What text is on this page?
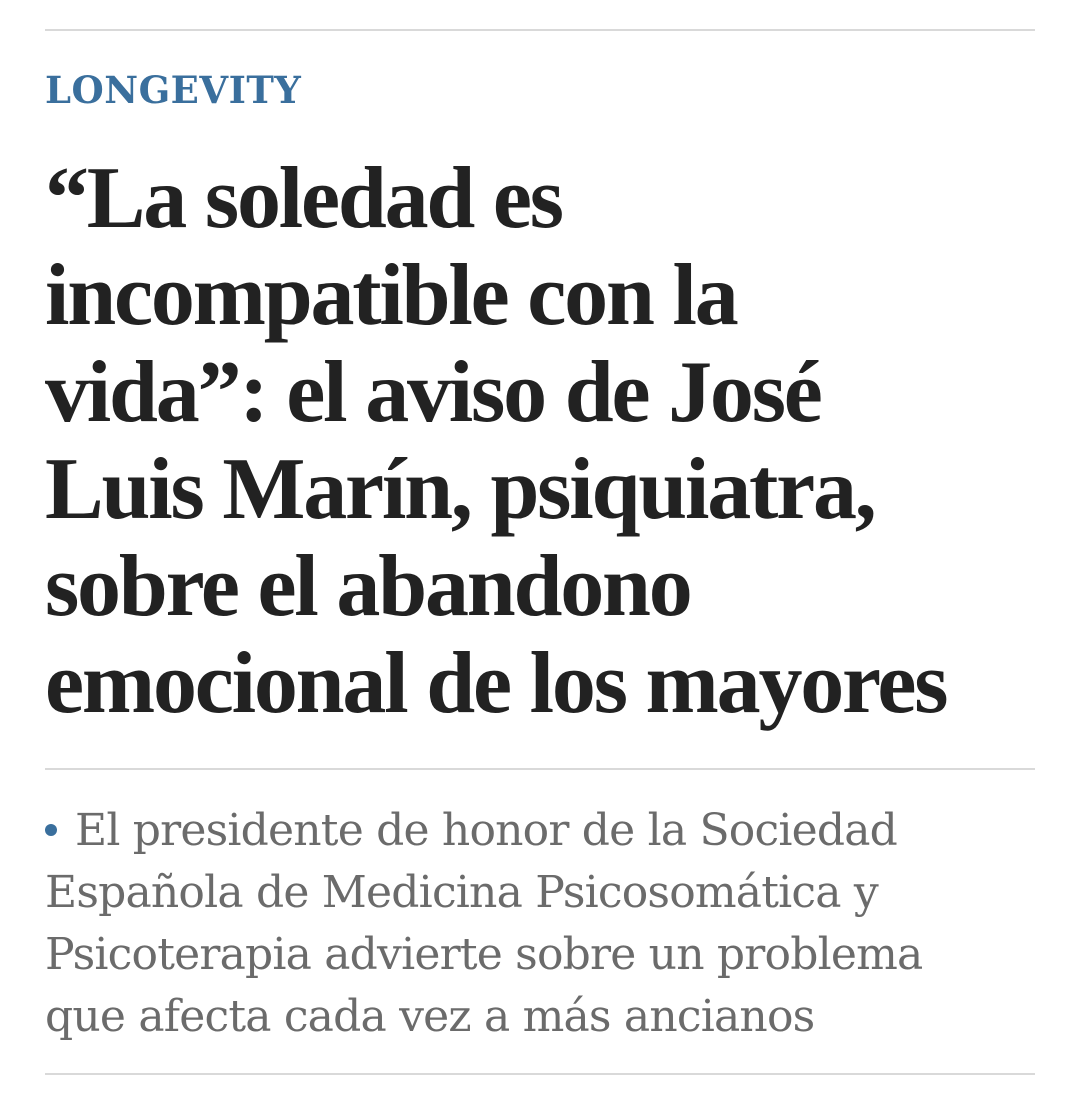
LONGEVITY
“La soledad es
incompatible con la
vida”: el aviso de José
Luis Marín, psiquiatra,
sobre el abandono
emocional de los mayores

El presidente de honor de la Sociedad
Española de Medicina Psicosomática y
Psicoterapia advierte sobre un problema
que afecta cada vez a más ancianos
